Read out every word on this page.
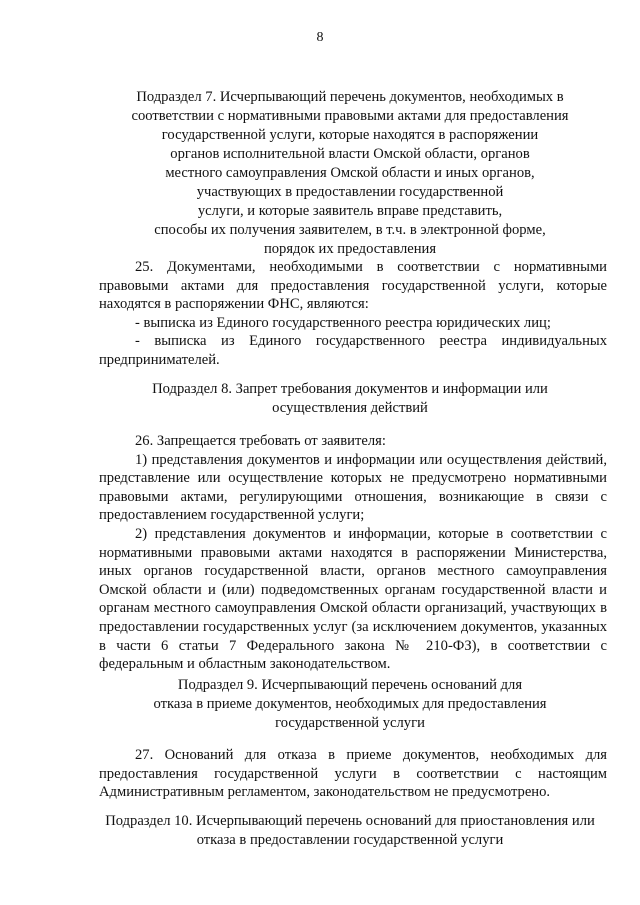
8
Подраздел 7. Исчерпывающий перечень документов, необходимых в
соответствии с нормативными правовыми актами для предоставления
государственной услуги, которые находятся в распоряжении
органов исполнительной власти Омской области, органов
местного самоуправления Омской области и иных органов,
участвующих в предоставлении государственной
услуги, и которые заявитель вправе представить,
способы их получения заявителем, в т.ч. в электронной форме,
порядок их предоставления

25. Документами, необходимыми в соответствии с нормативными правовыми актами для предоставления государственной услуги, которые находятся в распоряжении ФНС, являются:

- выписка из Единого государственного реестра юридических лиц;

- выписка из Единого государственного реестра индивидуальных предпринимателей.

Подраздел 8. Запрет требования документов и информации или
осуществления действий

26. Запрещается требовать от заявителя:

1) представления документов и информации или осуществления действий, представление или осуществление которых не предусмотрено нормативными правовыми актами, регулирующими отношения, возникающие в связи с предоставлением государственной услуги;

2) представления документов и информации, которые в соответствии с нормативными правовыми актами находятся в распоряжении Министерства, иных органов государственной власти, органов местного самоуправления Омской области и (или) подведомственных органам государственной власти и органам местного самоуправления Омской области организаций, участвующих в предоставлении государственных услуг (за исключением документов, указанных в части 6 статьи 7 Федерального закона № 210-ФЗ), в соответствии с федеральным и областным законодательством.

Подраздел 9. Исчерпывающий перечень оснований для
отказа в приеме документов, необходимых для предоставления
государственной услуги

27. Оснований для отказа в приеме документов, необходимых для предоставления государственной услуги в соответствии с настоящим Административным регламентом, законодательством не предусмотрено.

Подраздел 10. Исчерпывающий перечень оснований для приостановления или
отказа в предоставлении государственной услуги
